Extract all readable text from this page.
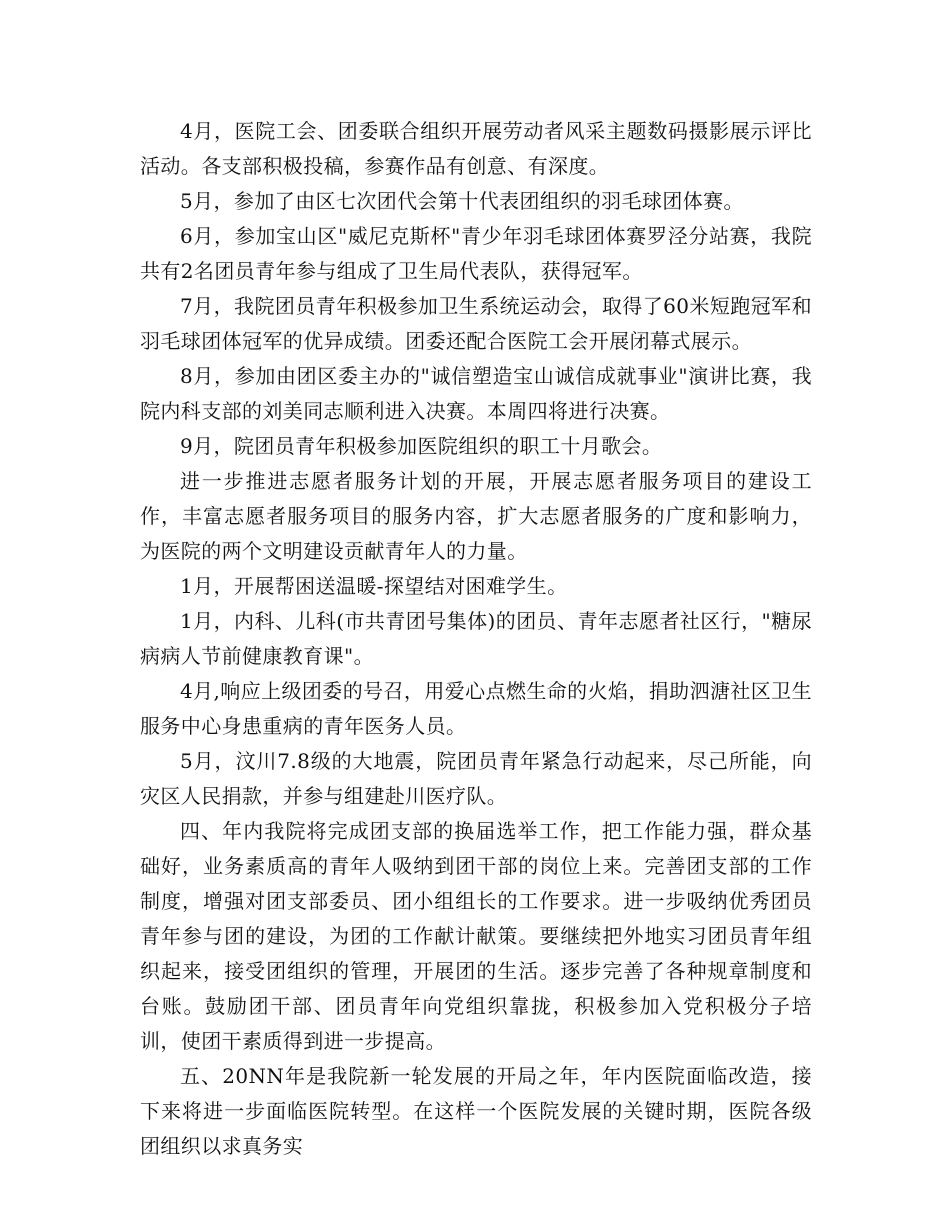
4月，医院工会、团委联合组织开展劳动者风采主题数码摄影展示评比活动。各支部积极投稿，参赛作品有创意、有深度。

5月，参加了由区七次团代会第十代表团组织的羽毛球团体赛。

6月，参加宝山区"威尼克斯杯"青少年羽毛球团体赛罗泾分站赛，我院共有2名团员青年参与组成了卫生局代表队，获得冠军。

7月，我院团员青年积极参加卫生系统运动会，取得了60米短跑冠军和羽毛球团体冠军的优异成绩。团委还配合医院工会开展闭幕式展示。

8月，参加由团区委主办的"诚信塑造宝山诚信成就事业"演讲比赛，我院内科支部的刘美同志顺利进入决赛。本周四将进行决赛。

9月，院团员青年积极参加医院组织的职工十月歌会。

进一步推进志愿者服务计划的开展，开展志愿者服务项目的建设工作，丰富志愿者服务项目的服务内容，扩大志愿者服务的广度和影响力，为医院的两个文明建设贡献青年人的力量。

1月，开展帮困送温暖-探望结对困难学生。

1月，内科、儿科(市共青团号集体)的团员、青年志愿者社区行，"糖尿病病人节前健康教育课"。

4月,响应上级团委的号召，用爱心点燃生命的火焰，捐助泗溏社区卫生服务中心身患重病的青年医务人员。

5月，汶川7.8级的大地震，院团员青年紧急行动起来，尽己所能，向灾区人民捐款，并参与组建赴川医疗队。

四、年内我院将完成团支部的换届选举工作，把工作能力强，群众基础好，业务素质高的青年人吸纳到团干部的岗位上来。完善团支部的工作制度，增强对团支部委员、团小组组长的工作要求。进一步吸纳优秀团员青年参与团的建设，为团的工作献计献策。要继续把外地实习团员青年组织起来，接受团组织的管理，开展团的生活。逐步完善了各种规章制度和台账。鼓励团干部、团员青年向党组织靠拢，积极参加入党积极分子培训，使团干素质得到进一步提高。

五、20NN年是我院新一轮发展的开局之年，年内医院面临改造，接下来将进一步面临医院转型。在这样一个医院发展的关键时期，医院各级团组织以求真务实
